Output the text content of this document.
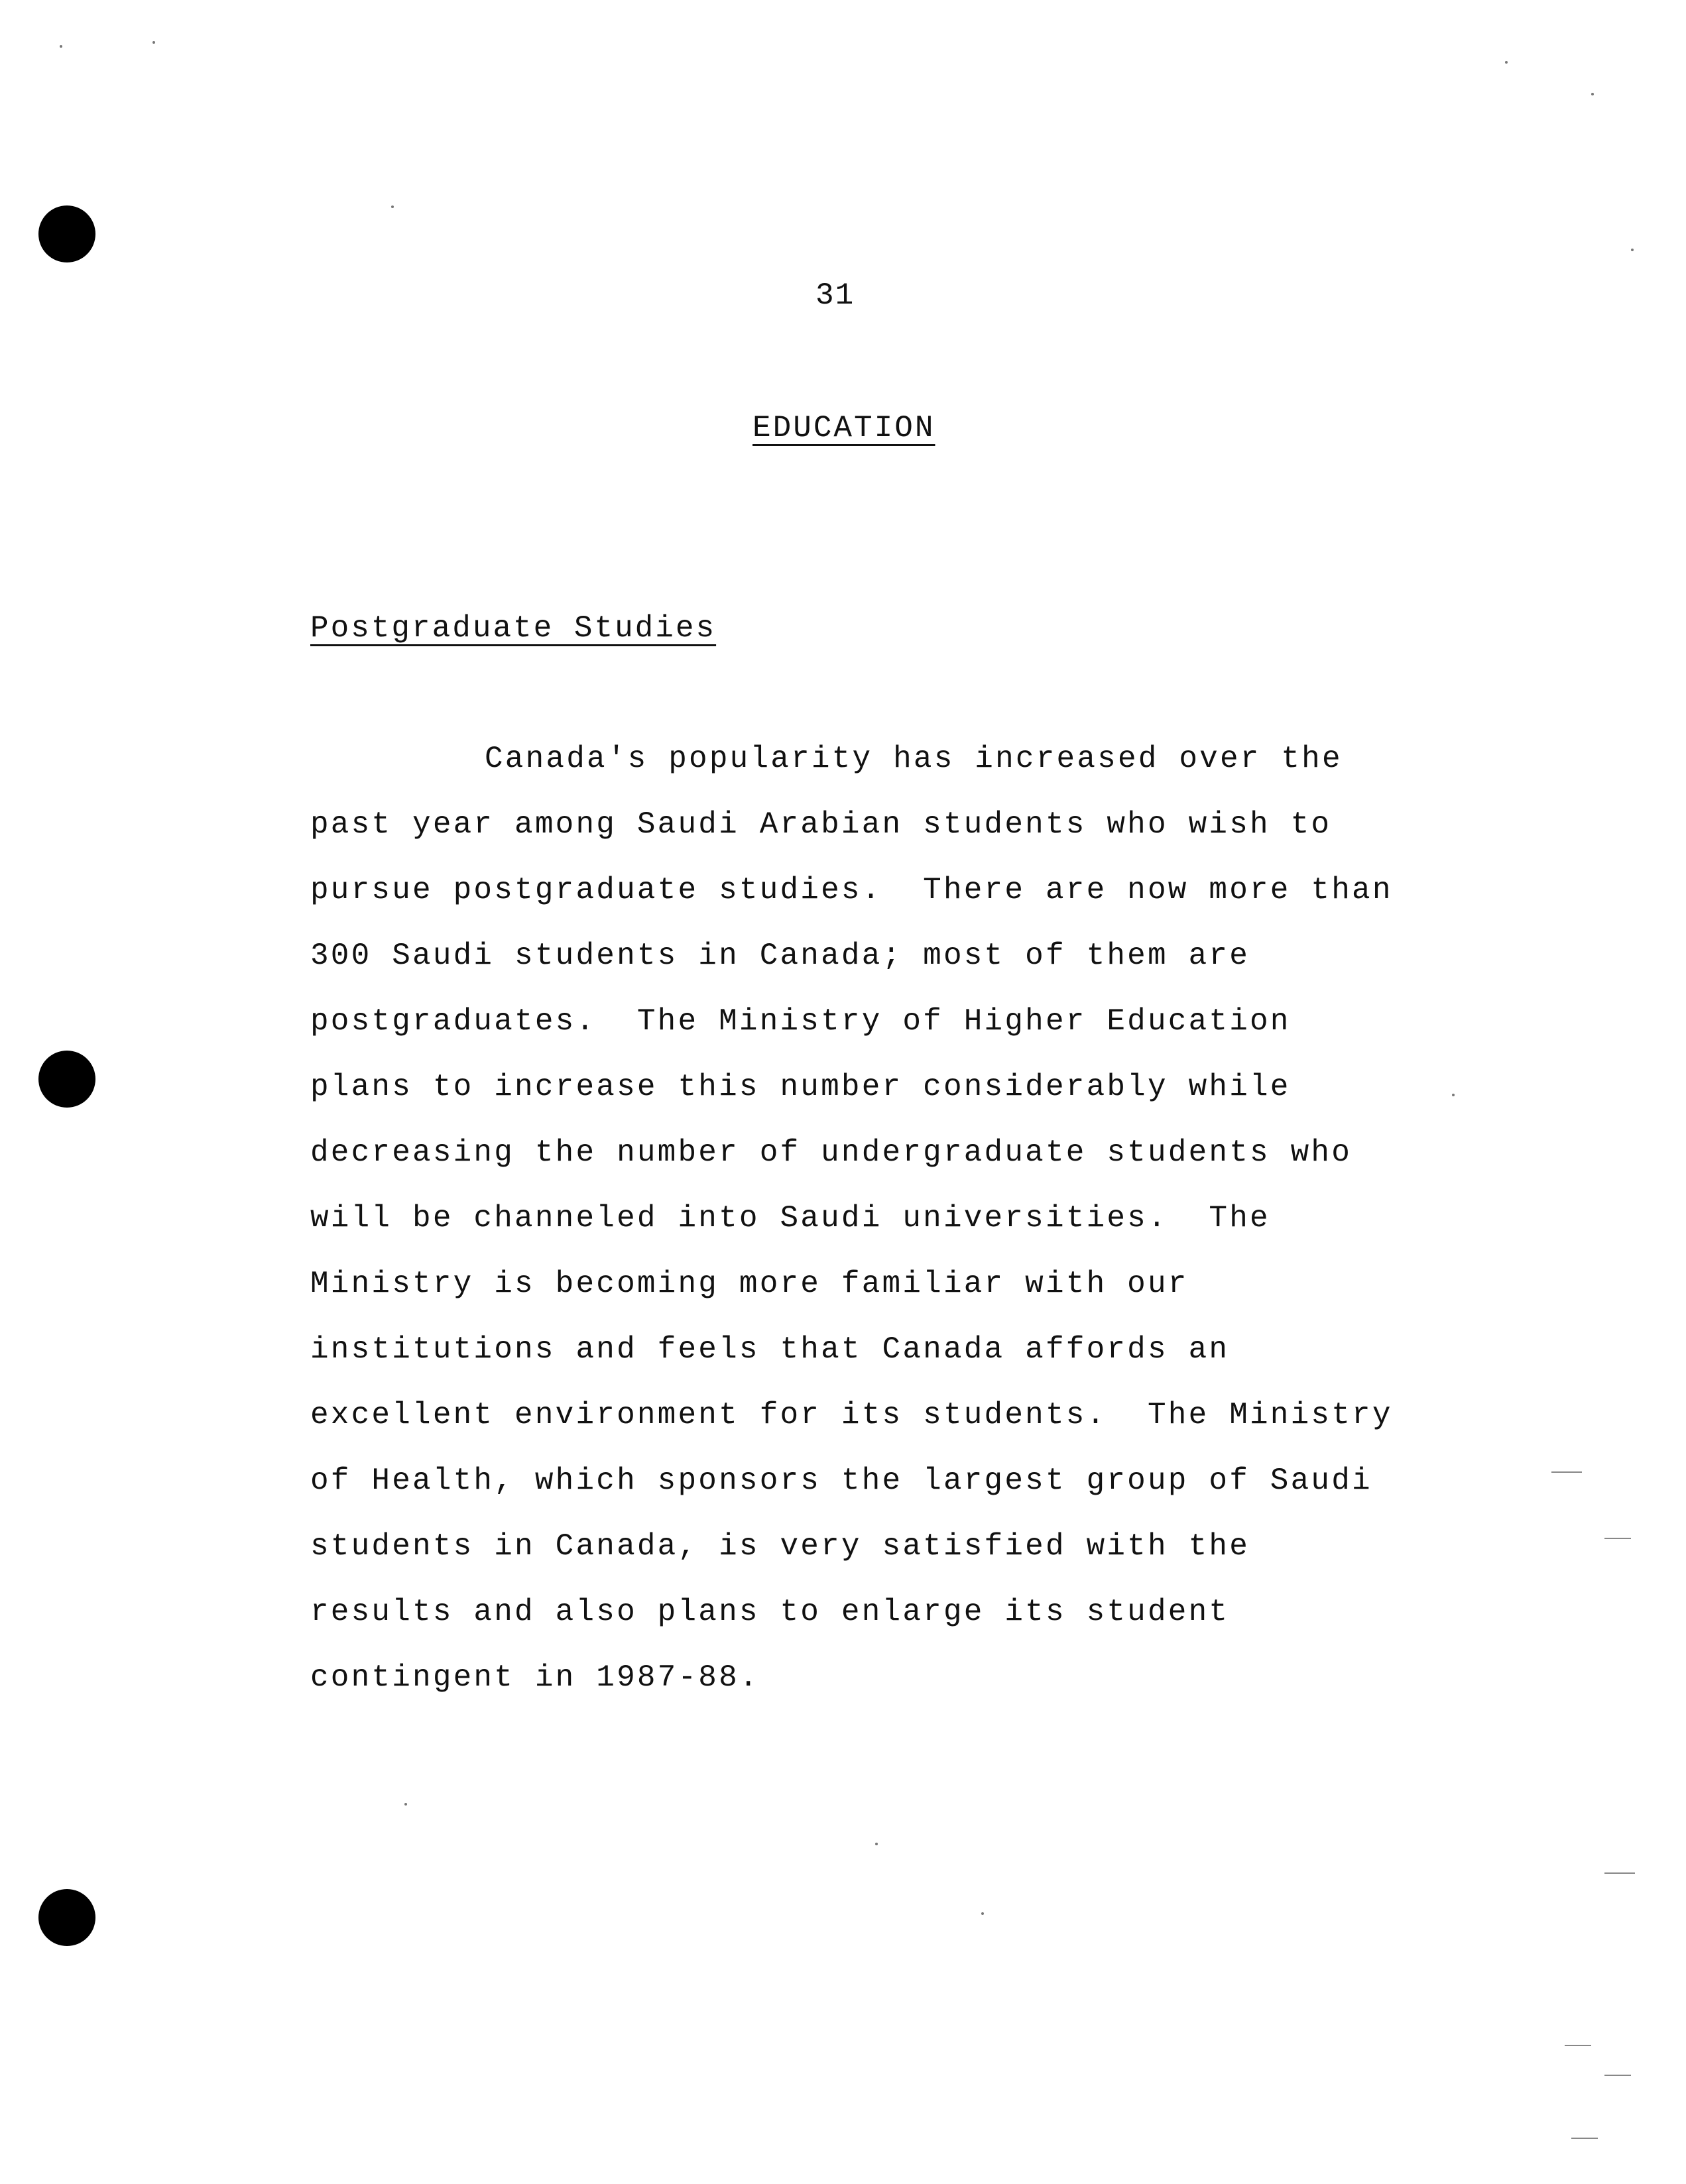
31
EDUCATION
Postgraduate Studies
Canada's popularity has increased over the
past year among Saudi Arabian students who wish to
pursue postgraduate studies.  There are now more than
300 Saudi students in Canada; most of them are
postgraduates.  The Ministry of Higher Education
plans to increase this number considerably while
decreasing the number of undergraduate students who
will be channeled into Saudi universities.  The
Ministry is becoming more familiar with our
institutions and feels that Canada affords an
excellent environment for its students.  The Ministry
of Health, which sponsors the largest group of Saudi
students in Canada, is very satisfied with the
results and also plans to enlarge its student
contingent in 1987-88.
